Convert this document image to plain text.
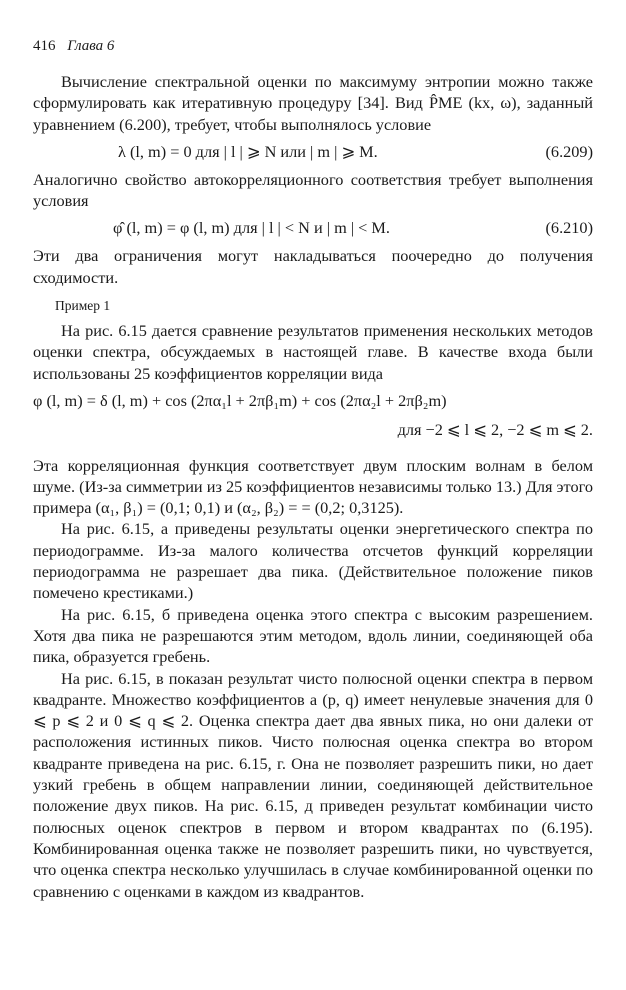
416 Глава 6

Вычисление спектральной оценки по максимуму энтропии можно также сформулировать как итеративную процедуру [34]. Вид P̂ME (kx, ω), заданный уравнением (6.200), требует, чтобы выполнялось условие

λ (l, m) = 0 для | l | ⩾ N или | m | ⩾ M.	(6.209)

Аналогично свойство автокорреляционного соответствия требует выполнения условия

φ̂ (l, m) = φ (l, m) для | l | < N и | m | < M.	(6.210)

Эти два ограничения могут накладываться поочередно до получения сходимости.

Пример 1

На рис. 6.15 дается сравнение результатов применения нескольких методов оценки спектра, обсуждаемых в настоящей главе. В качестве входа были использованы 25 коэффициентов корреляции вида

φ (l, m) = δ (l, m) + cos (2πα₁l + 2πβ₁m) + cos (2πα₂l + 2πβ₂m)
для −2 ⩽ l ⩽ 2, −2 ⩽ m ⩽ 2.

Эта корреляционная функция соответствует двум плоским волнам в белом шуме. (Из-за симметрии из 25 коэффициентов независимы только 13.) Для этого примера (α₁, β₁) = (0,1; 0,1) и (α₂, β₂) = = (0,2; 0,3125).

На рис. 6.15, а приведены результаты оценки энергетического спектра по периодограмме. Из-за малого количества отсчетов функций корреляции периодограмма не разрешает два пика. (Действительное положение пиков помечено крестиками.)

На рис. 6.15, б приведена оценка этого спектра с высоким разрешением. Хотя два пика не разрешаются этим методом, вдоль линии, соединяющей оба пика, образуется гребень.

На рис. 6.15, в показан результат чисто полюсной оценки спектра в первом квадранте. Множество коэффициентов a (p, q) имеет ненулевые значения для 0 ⩽ p ⩽ 2 и 0 ⩽ q ⩽ 2. Оценка спектра дает два явных пика, но они далеки от расположения истинных пиков. Чисто полюсная оценка спектра во втором квадранте приведена на рис. 6.15, г. Она не позволяет разрешить пики, но дает узкий гребень в общем направлении линии, соединяющей действительное положение двух пиков. На рис. 6.15, д приведен результат комбинации чисто полюсных оценок спектров в первом и втором квадрантах по (6.195). Комбинированная оценка также не позволяет разрешить пики, но чувствуется, что оценка спектра несколько улучшилась в случае комбинированной оценки по сравнению с оценками в каждом из квадрантов.
